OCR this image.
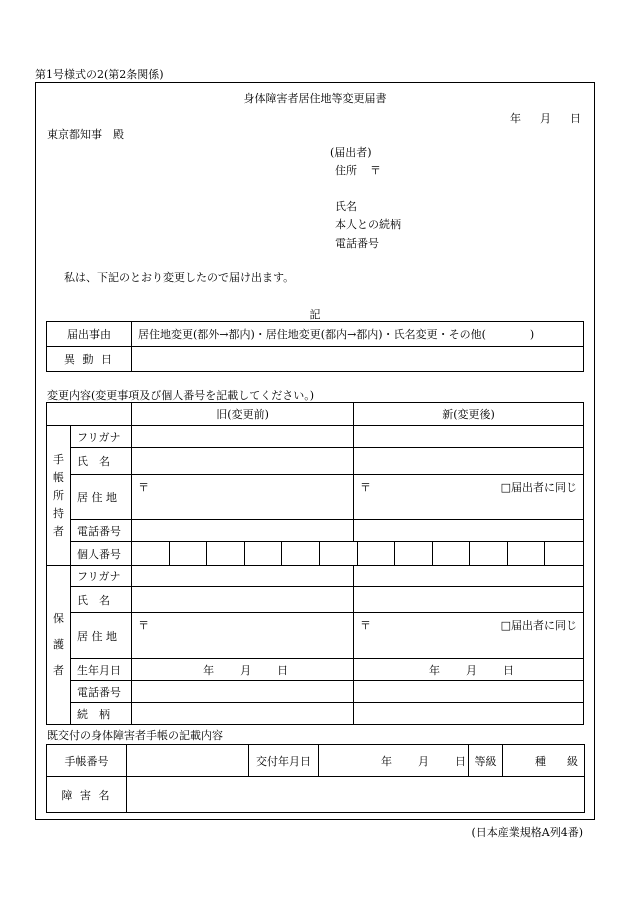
第1号様式の2(第2条関係)
身体障害者居住地等変更届書
年 月 日
東京都知事　殿
(届出者)
住所 〒
氏名
本人との続柄
電話番号
私は、下記のとおり変更したので届け出ます。
記
届出事由	居住地変更(都外→都内)・居住地変更(都内→都内)・氏名変更・その他(　　　　)
異 動 日	
変更内容(変更事項及び個人番号を記載してください。)
		旧(変更前)						新(変更後)						

手帳所持者	フリガナ													
	氏　名													
	居 住 地	〒						〒 □届出者に同じ						

	電話番号													
	個人番号													

保護者	フリガナ													
	氏　名													
	居 住 地	〒						〒 □届出者に同じ						

	生年月日	年 月 日						年 月 日						

	電話番号													
	続　柄													
既交付の身体障害者手帳の記載内容
手帳番号		交付年月日	年 月 日	等級	種 級

障 害 名					
(日本産業規格A列4番)
